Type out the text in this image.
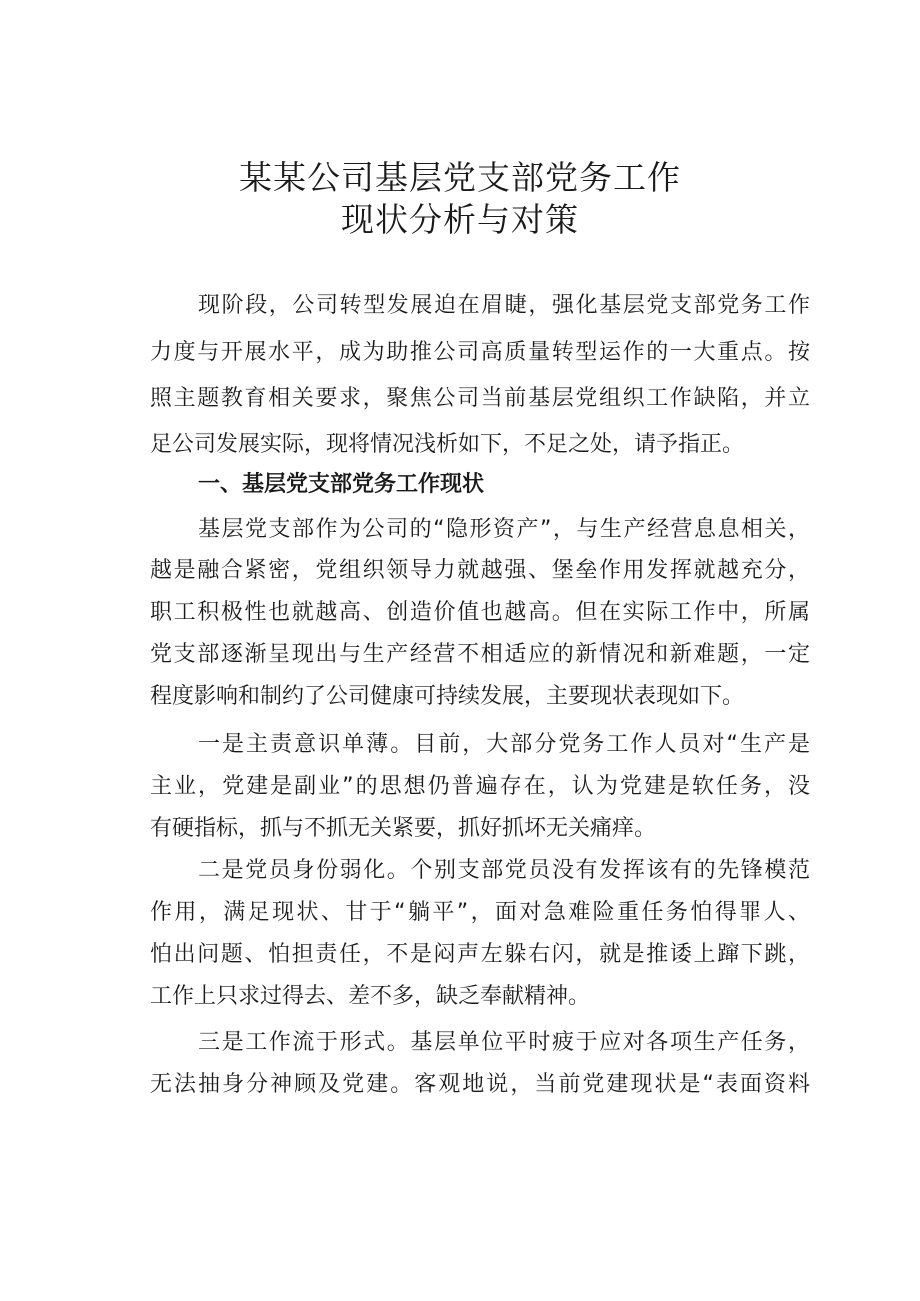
某某公司基层党支部党务工作
现状分析与对策

现阶段，公司转型发展迫在眉睫，强化基层党支部党务工作

力度与开展水平，成为助推公司高质量转型运作的一大重点。按

照主题教育相关要求，聚焦公司当前基层党组织工作缺陷，并立

足公司发展实际，现将情况浅析如下，不足之处，请予指正。

一、基层党支部党务工作现状

基层党支部作为公司的“隐形资产”，与生产经营息息相关，

越是融合紧密，党组织领导力就越强、堡垒作用发挥就越充分，

职工积极性也就越高、创造价值也越高。但在实际工作中，所属

党支部逐渐呈现出与生产经营不相适应的新情况和新难题，一定

程度影响和制约了公司健康可持续发展，主要现状表现如下。

一是主责意识单薄。目前，大部分党务工作人员对“生产是

主业，党建是副业”的思想仍普遍存在，认为党建是软任务，没

有硬指标，抓与不抓无关紧要，抓好抓坏无关痛痒。

二是党员身份弱化。个别支部党员没有发挥该有的先锋模范

作用，满足现状、甘于“躺平”，面对急难险重任务怕得罪人、

怕出问题、怕担责任，不是闷声左躲右闪，就是推诿上蹿下跳，

工作上只求过得去、差不多，缺乏奉献精神。

三是工作流于形式。基层单位平时疲于应对各项生产任务，

无法抽身分神顾及党建。客观地说，当前党建现状是“表面资料
